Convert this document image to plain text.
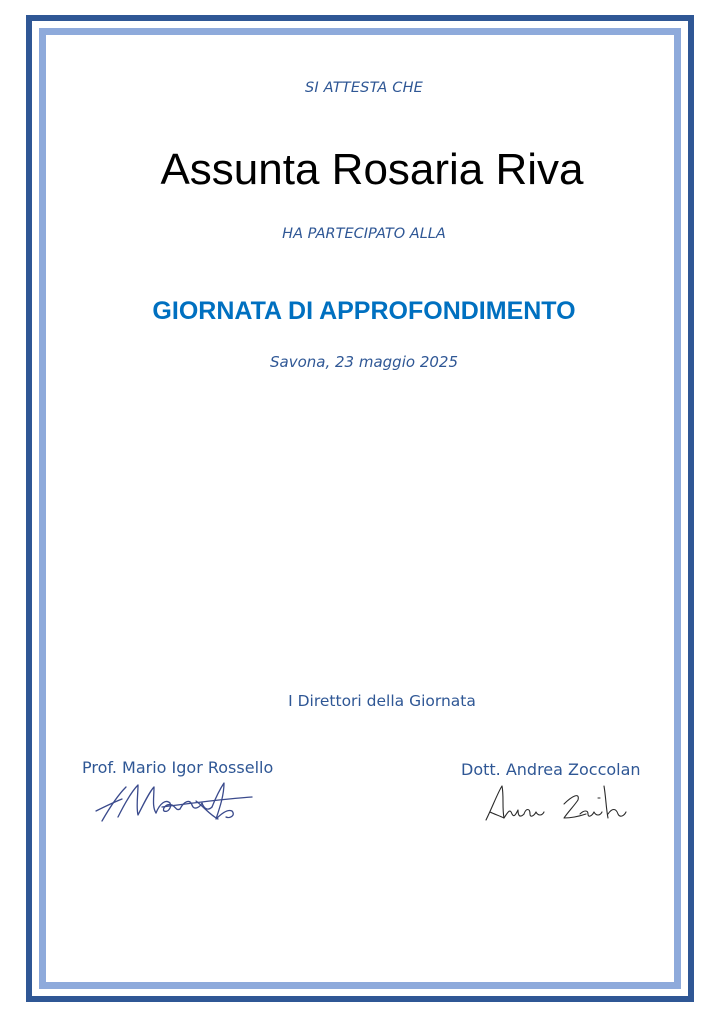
SI ATTESTA CHE
Assunta Rosaria Riva
HA PARTECIPATO ALLA
GIORNATA DI APPROFONDIMENTO
Savona, 23 maggio 2025
I Direttori della Giornata
Prof. Mario Igor Rossello	Dott. Andrea Zoccolan
